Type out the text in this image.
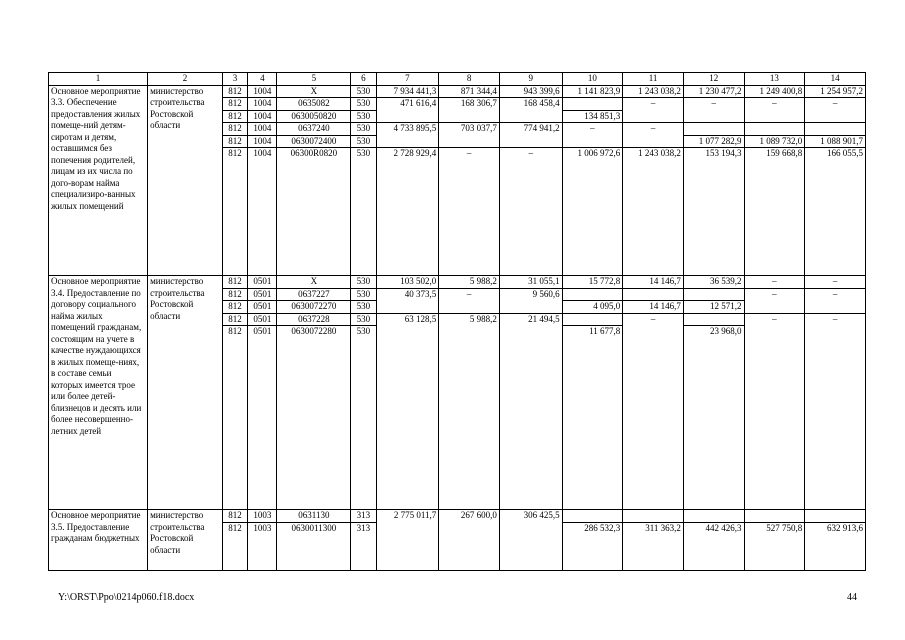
1	2	3	4	5	6	7	8	9	10	11	12	13	14
Основное мероприятие 3.3. Обеспечение предоставления жилых помеще-ний детям-сиротам и детям, оставшимся без попечения родителей, лицам из их числа по дого-ворам найма специализиро-ванных жилых помещений	министерство строительства Ростовской области	812	1004	Х	530	7 934 441,3	871 344,4	943 399,6	1 141 823,9	1 243 038,2	1 230 477,2	1 249 400,8	1 254 957,2
		812	1004	0635082	530	471 616,4	168 306,7	168 458,4		–	–	–	–
		812	1004	0630050820	530				134 851,3				
		812	1004	0637240	530	4 733 895,5	703 037,7	774 941,2	–	–			
		812	1004	0630072400	530						1 077 282,9	1 089 732,0	1 088 901,7
		812	1004	06300R0820	530	2 728 929,4	–	–	1 006 972,6	1 243 038,2	153 194,3	159 668,8	166 055,5
Основное мероприятие 3.4. Предоставление по договору социального найма жилых помещений гражданам, состоящим на учете в качестве нуждающихся в жилых помеще-ниях, в составе семьи которых имеется трое или более детей-близнецов и десять или более несовершенно-летних детей	министерство строительства Ростовской области	812	0501	Х	530	103 502,0	5 988,2	31 055,1	15 772,8	14 146,7	36 539,2	–	–
		812	0501	0637227	530	40 373,5	–	9 560,6				–	–
		812	0501	0630072270	530				4 095,0	14 146,7	12 571,2		
		812	0501	0637228	530	63 128,5	5 988,2	21 494,5		–		–	–
		812	0501	0630072280	530				11 677,8		23 968,0		
Основное мероприятие 3.5. Предоставление гражданам бюджетных	министерство строительства Ростовской области	812	1003	0631130	313	2 775 011,7	267 600,0	306 425,5					
		812	1003	0630011300	313				286 532,3	311 363,2	442 426,3	527 750,8	632 913,6
Y:\ORST\Ppo\0214p060.f18.docx	44
